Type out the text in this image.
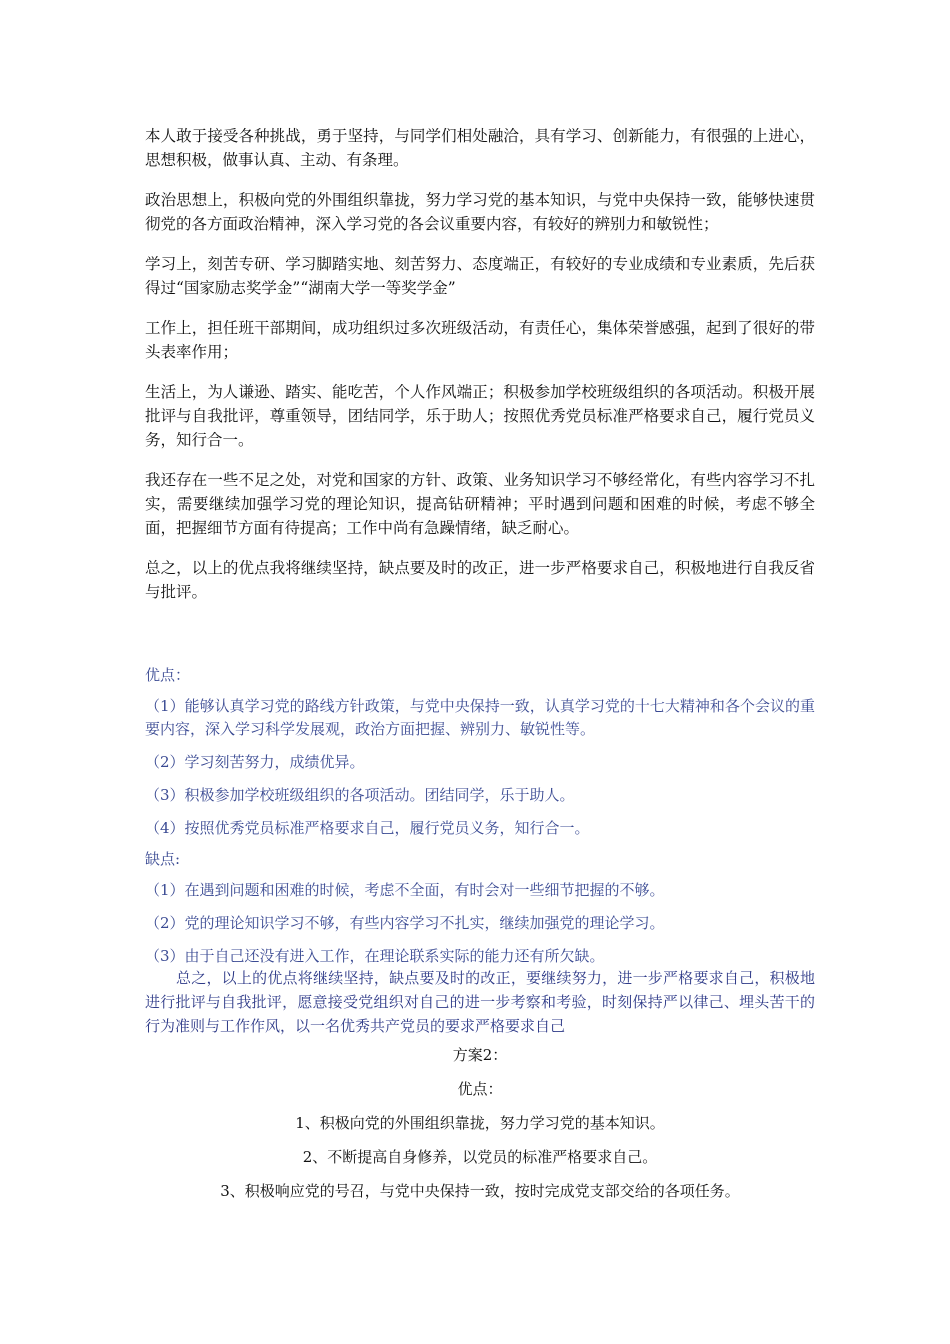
本人敢于接受各种挑战，勇于坚持，与同学们相处融洽，具有学习、创新能力，有很强的上进心，思想积极，做事认真、主动、有条理。

政治思想上，积极向党的外围组织靠拢，努力学习党的基本知识，与党中央保持一致，能够快速贯彻党的各方面政治精神，深入学习党的各会议重要内容，有较好的辨别力和敏锐性；

学习上，刻苦专研、学习脚踏实地、刻苦努力、态度端正，有较好的专业成绩和专业素质，先后获得过“国家励志奖学金”“湖南大学一等奖学金”

工作上，担任班干部期间，成功组织过多次班级活动，有责任心，集体荣誉感强，起到了很好的带头表率作用；

生活上，为人谦逊、踏实、能吃苦，个人作风端正；积极参加学校班级组织的各项活动。积极开展批评与自我批评，尊重领导，团结同学，乐于助人；按照优秀党员标准严格要求自己，履行党员义务，知行合一。

我还存在一些不足之处，对党和国家的方针、政策、业务知识学习不够经常化，有些内容学习不扎实，需要继续加强学习党的理论知识，提高钻研精神；平时遇到问题和困难的时候，考虑不够全面，把握细节方面有待提高；工作中尚有急躁情绪，缺乏耐心。

总之，以上的优点我将继续坚持，缺点要及时的改正，进一步严格要求自己，积极地进行自我反省与批评。

优点：
（1）能够认真学习党的路线方针政策，与党中央保持一致，认真学习党的十七大精神和各个会议的重要内容，深入学习科学发展观，政治方面把握、辨别力、敏锐性等。
（2）学习刻苦努力，成绩优异。
（3）积极参加学校班级组织的各项活动。团结同学，乐于助人。
（4）按照优秀党员标准严格要求自己，履行党员义务，知行合一。
缺点:
（1）在遇到问题和困难的时候，考虑不全面，有时会对一些细节把握的不够。
（2）党的理论知识学习不够，有些内容学习不扎实，继续加强党的理论学习。
（3）由于自己还没有进入工作，在理论联系实际的能力还有所欠缺。
总之，以上的优点将继续坚持，缺点要及时的改正，要继续努力，进一步严格要求自己，积极地进行批评与自我批评，愿意接受党组织对自己的进一步考察和考验，时刻保持严以律己、埋头苦干的行为准则与工作作风，以一名优秀共产党员的要求严格要求自己
方案2：
优点：
1、积极向党的外围组织靠拢，努力学习党的基本知识。
2、不断提高自身修养，以党员的标准严格要求自己。
3、积极响应党的号召，与党中央保持一致，按时完成党支部交给的各项任务。
